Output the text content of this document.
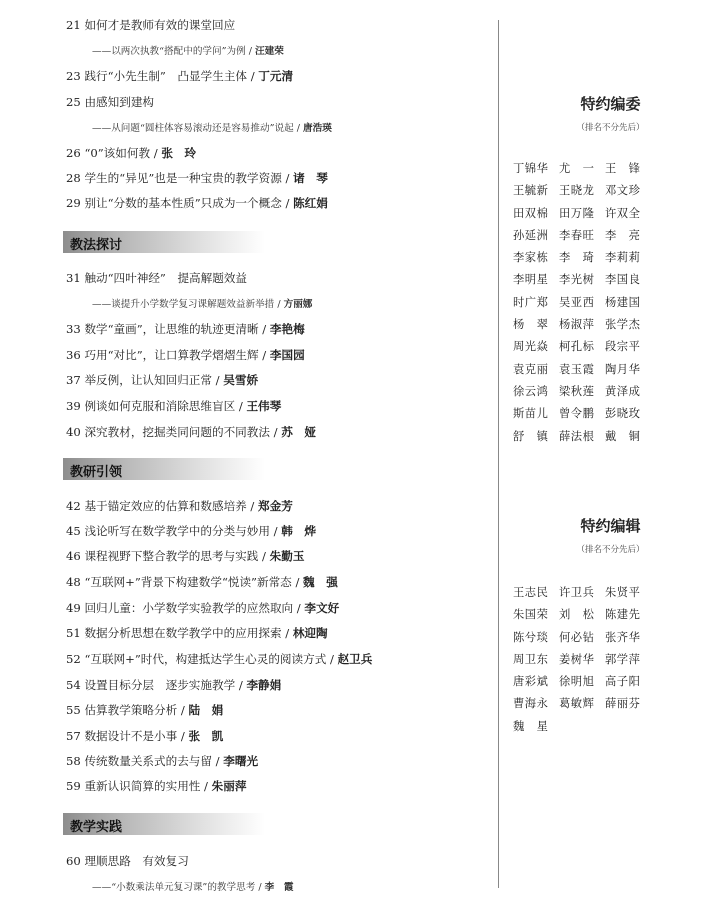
21 如何才是教师有效的课堂回应
——以两次执教“搭配中的学问”为例 / 汪建荣
23 践行“小先生制”　凸显学生主体 / 丁元清
25 由感知到建构
——从问题“圆柱体容易滚动还是容易推动”说起 / 唐浩瑛
26 “0”该如何教 / 张　玲
28 学生的“异见”也是一种宝贵的教学资源 / 诸　琴
29 别让“分数的基本性质”只成为一个概念 / 陈红娟
教法探讨
31 触动“四叶神经”　提高解题效益
——谈提升小学数学复习课解题效益新举措 / 方丽娜
33 数学“童画”，让思维的轨迹更清晰 / 李艳梅
36 巧用“对比”，让口算教学熠熠生辉 / 李国园
37 举反例，让认知回归正常 / 吴雪娇
39 例谈如何克服和消除思维盲区 / 王伟琴
40 深究教材，挖掘类同问题的不同教法 / 苏　娅
教研引领
42 基于锚定效应的估算和数感培养 / 郑金芳
45 浅论听写在数学教学中的分类与妙用 / 韩　烨
46 课程视野下整合教学的思考与实践 / 朱勤玉
48 “互联网+”背景下构建数学“悦读”新常态 / 魏　强
49 回归儿童：小学数学实验教学的应然取向 / 李文好
51 数据分析思想在数学教学中的应用探索 / 林迎陶
52 “互联网+”时代，构建抵达学生心灵的阅读方式 / 赵卫兵
54 设置目标分层　逐步实施教学 / 李静娟
55 估算教学策略分析 / 陆　娟
57 数据设计不是小事 / 张　凯
58 传统数量关系式的去与留 / 李曙光
59 重新认识简算的实用性 / 朱丽萍
教学实践
60 理顺思路　有效复习
——“小数乘法单元复习课”的教学思考 / 李　霞
特约编委
（排名不分先后）
丁锦华 尤　一 王　锋
王毓新 王晓龙 邓文珍
田双棉 田万隆 许双全
孙延洲 李春旺 李　亮
李家栋 李　琦 李莉莉
李明星 李光树 李国良
时广郑 吴亚西 杨建国
杨　翠 杨淑萍 张学杰
周光焱 柯孔标 段宗平
袁克丽 袁玉霞 陶月华
徐云鸿 梁秋莲 黄泽成
斯苗儿 曾令鹏 彭晓玫
舒　镇 薛法根 戴　铜
特约编辑
（排名不分先后）
王志民 许卫兵 朱贤平
朱国荣 刘　松 陈建先
陈兮琰 何必钻 张齐华
周卫东 姜树华 郭学萍
唐彩斌 徐明旭 高子阳
曹海永 葛敏辉 薛丽芬
魏　星
